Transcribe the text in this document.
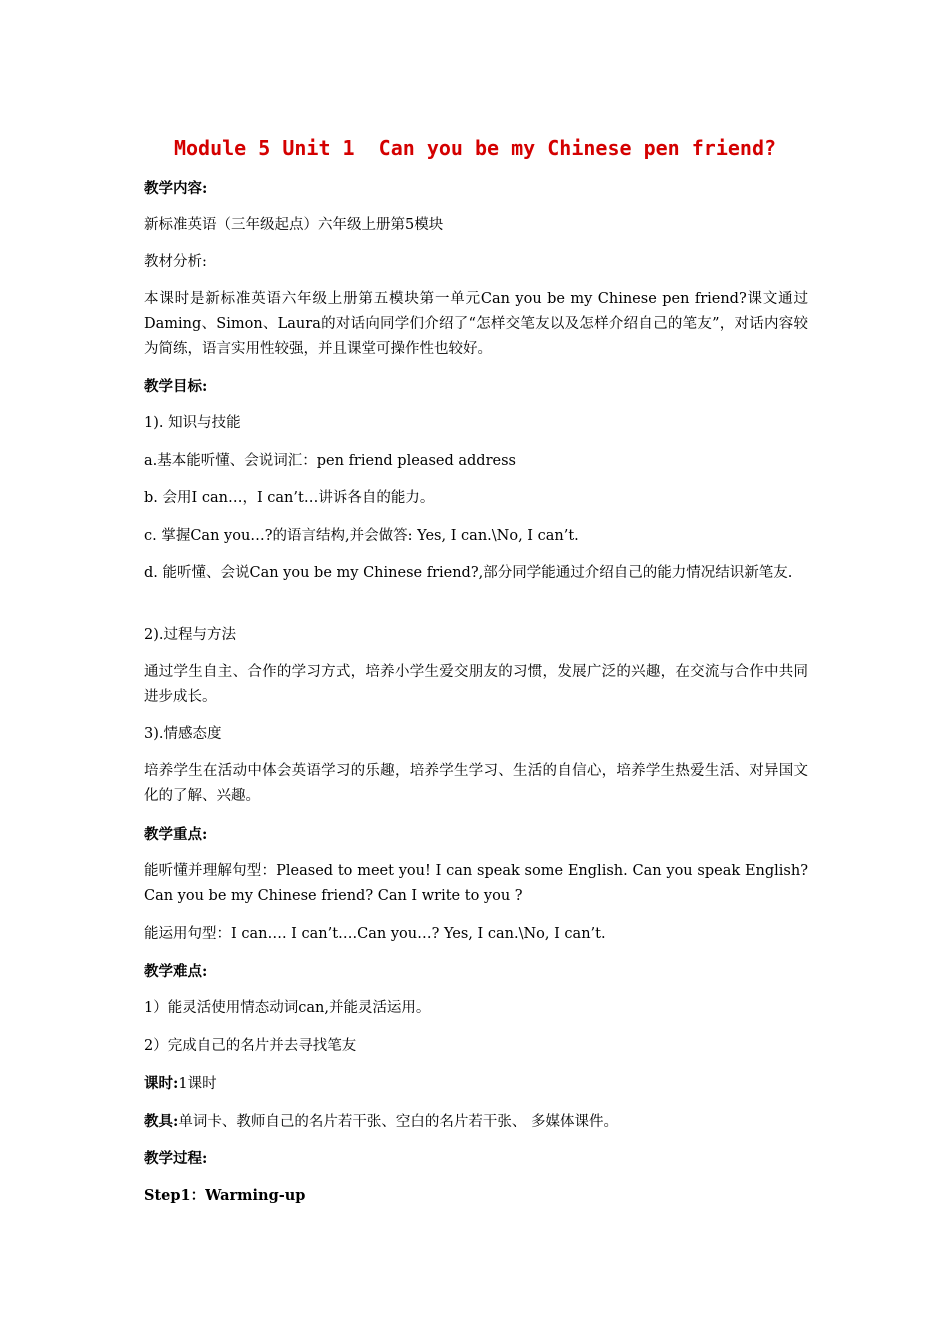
Module 5 Unit 1  Can you be my Chinese pen friend?
教学内容:
新标准英语（三年级起点）六年级上册第5模块
教材分析:
本课时是新标准英语六年级上册第五模块第一单元Can you be my Chinese pen friend?课文通过Daming、Simon、Laura的对话向同学们介绍了“怎样交笔友以及怎样介绍自己的笔友”，对话内容较为简练，语言实用性较强，并且课堂可操作性也较好。
教学目标:
1). 知识与技能
a.基本能听懂、会说词汇：pen friend pleased address
b. 会用I can…，I can’t…讲诉各自的能力。
c. 掌握Can you…?的语言结构,并会做答: Yes, I can.\No, I can’t.
d. 能听懂、会说Can you be my Chinese friend?,部分同学能通过介绍自己的能力情况结识新笔友.
2).过程与方法
通过学生自主、合作的学习方式，培养小学生爱交朋友的习惯，发展广泛的兴趣，在交流与合作中共同进步成长。
3).情感态度
培养学生在活动中体会英语学习的乐趣，培养学生学习、生活的自信心，培养学生热爱生活、对异国文化的了解、兴趣。
教学重点:
能听懂并理解句型：Pleased to meet you! I can speak some English. Can you speak English? Can you be my Chinese friend? Can I write to you ?
能运用句型：I can…. I can’t….Can you…? Yes, I can.\No, I can’t.
教学难点:
1）能灵活使用情态动词can,并能灵活运用。
2）完成自己的名片并去寻找笔友
课时:1课时
教具:单词卡、教师自己的名片若干张、空白的名片若干张、 多媒体课件。
教学过程:
Step1：Warming-up
